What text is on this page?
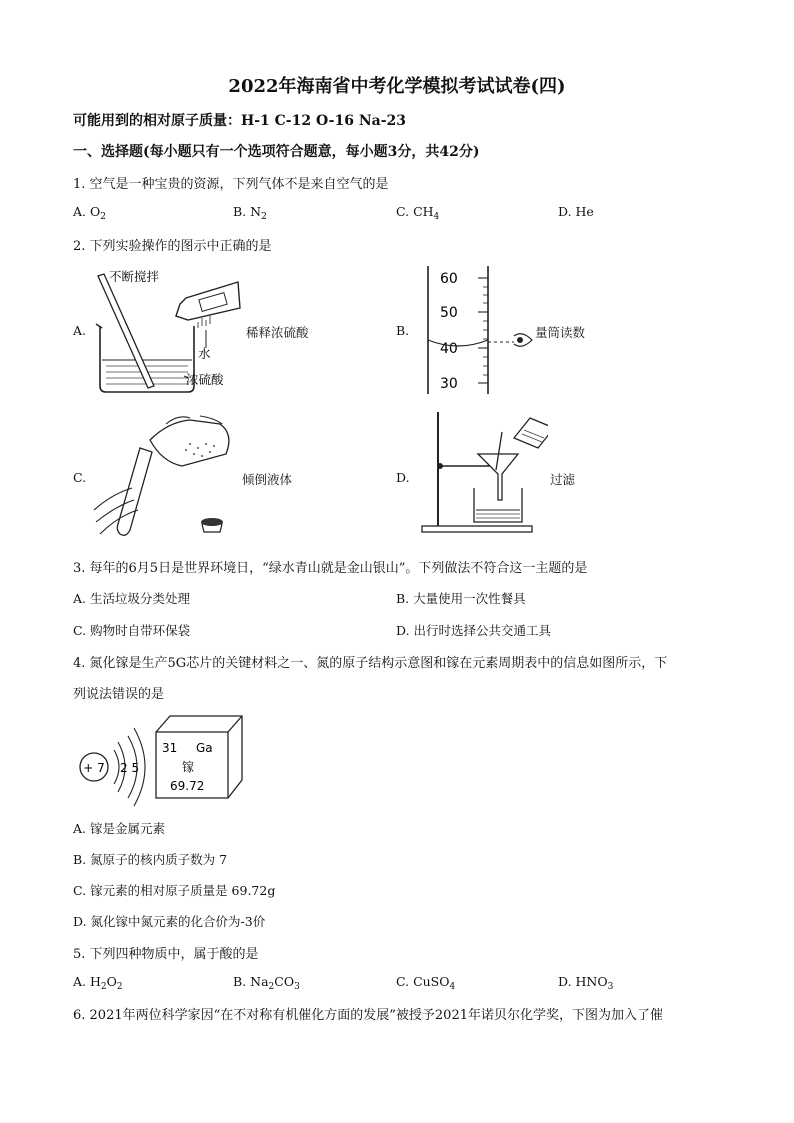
2022年海南省中考化学模拟考试试卷(四)
可能用到的相对原子质量：H-1 C-12 O-16 Na-23
一、选择题(每小题只有一个选项符合题意，每小题3分，共42分)
1. 空气是一种宝贵的资源，下列气体不是来自空气的是
A. $O_2$	B. $N_2$	C. $CH_4$	D. He
2. 下列实验操作的图示中正确的是
A.
不断搅拌
水
浓硫酸
稀释浓硫酸	B.
60
50
40
30
量筒读数
C.	倾倒液体	D.	过滤
3. 每年的6月5日是世界环境日，“绿水青山就是金山银山”。下列做法不符合这一主题的是
A. 生活垃圾分类处理	B. 大量使用一次性餐具
C. 购物时自带环保袋	D. 出行时选择公共交通工具
4. 氮化镓是生产5G芯片的关键材料之一、氮的原子结构示意图和镓在元素周期表中的信息如图所示，下
列说法错误的是
+ 7 2 5
31 Ga
镓
69.72
A. 镓是金属元素
B. 氮原子的核内质子数为 7
C. 镓元素的相对原子质量是 69.72g
D. 氮化镓中氮元素的化合价为-3价
5. 下列四种物质中，属于酸的是
A. $H_2O_2$	B. $Na_2CO_3$	C. CuSO$_4$	D. $HNO_3$
6. 2021年两位科学家因“在不对称有机催化方面的发展”被授予2021年诺贝尔化学奖，下图为加入了催
